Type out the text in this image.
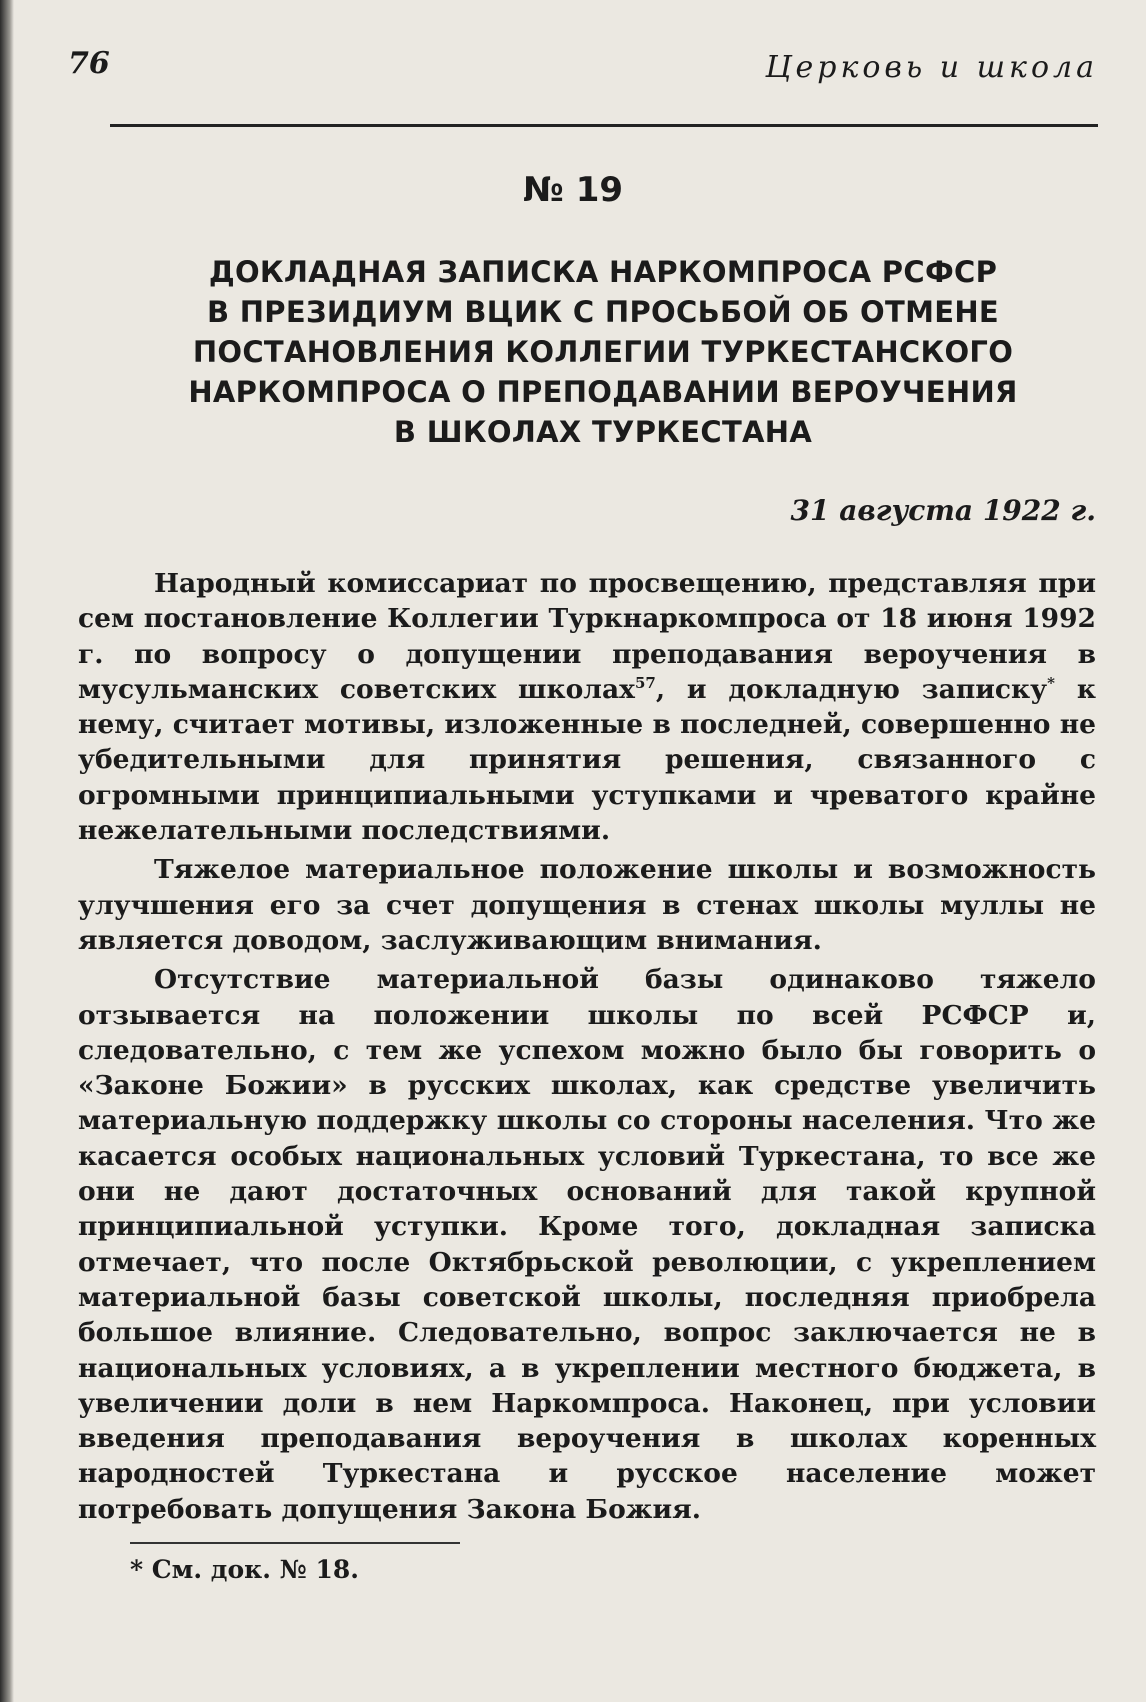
76	Церковь и школа
№ 19
ДОКЛАДНАЯ ЗАПИСКА НАРКОМПРОСА РСФСР
В ПРЕЗИДИУМ ВЦИК С ПРОСЬБОЙ ОБ ОТМЕНЕ
ПОСТАНОВЛЕНИЯ КОЛЛЕГИИ ТУРКЕСТАНСКОГО
НАРКОМПРОСА О ПРЕПОДАВАНИИ ВЕРОУЧЕНИЯ
В ШКОЛАХ ТУРКЕСТАНА
31 августа 1922 г.

Народный комиссариат по просвещению, представляя при сем постановление Коллегии Туркнаркомпроса от 18 июня 1992 г. по вопросу о допущении преподавания вероучения в мусульманских советских школах$^{57}$, и докладную записку* к нему, считает мотивы, изложенные в последней, совершенно не убедительными для принятия решения, связанного с огромными принципиальными уступками и чреватого крайне нежелательными последствиями.

Тяжелое материальное положение школы и возможность улучшения его за счет допущения в стенах школы муллы не является доводом, заслуживающим внимания.

Отсутствие материальной базы одинаково тяжело отзывается на положении школы по всей РСФСР и, следовательно, с тем же успехом можно было бы говорить о «Законе Божии» в русских школах, как средстве увеличить материальную поддержку школы со стороны населения. Что же касается особых национальных условий Туркестана, то все же они не дают достаточных оснований для такой крупной принципиальной уступки. Кроме того, докладная записка отмечает, что после Октябрьской революции, с укреплением материальной базы советской школы, последняя приобрела большое влияние. Следовательно, вопрос заключается не в национальных условиях, а в укреплении местного бюджета, в увеличении доли в нем Наркомпроса. Наконец, при условии введения преподавания вероучения в школах коренных народностей Туркестана и русское население может потребовать допущения Закона Божия.

* См. док. № 18.
